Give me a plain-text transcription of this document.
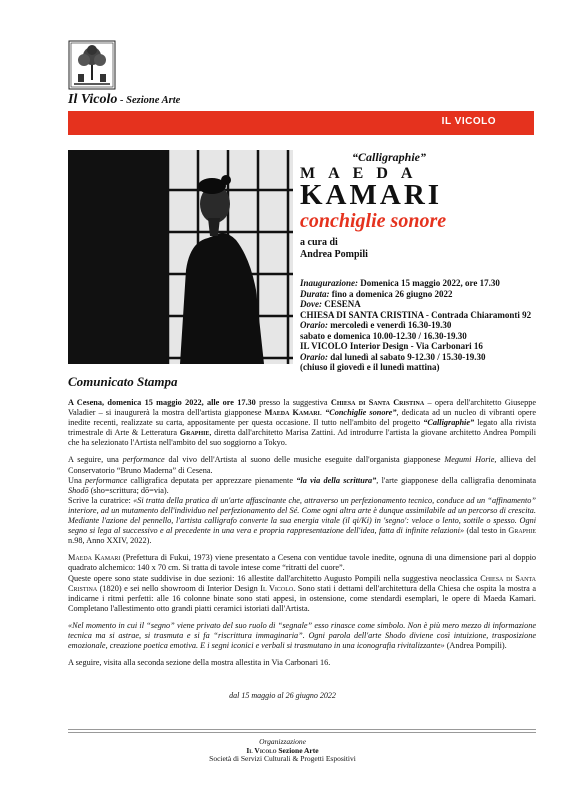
Il Vicolo - Sezione Arte
IL VICOLO
“Calligraphie”
MAEDA
KAMARI
conchiglie sonore
a cura di
Andrea Pompili
Inaugurazione: Domenica 15 maggio 2022, ore 17.30
Durata: fino a domenica 26 giugno 2022
Dove: CESENA
CHIESA DI SANTA CRISTINA - Contrada Chiaramonti 92
Orario: mercoledì e venerdì 16.30-19.30
sabato e domenica 10.00-12.30 / 16.30-19.30
IL VICOLO Interior Design - Via Carbonari 16
Orario: dal lunedì al sabato 9-12.30 / 15.30-19.30
(chiuso il giovedì e il lunedì mattina)
Comunicato Stampa

A Cesena, domenica 15 maggio 2022, alle ore 17.30 presso la suggestiva Chiesa di Santa Cristina – opera dell'architetto Giuseppe Valadier – si inaugurerà la mostra dell'artista giapponese Maeda Kamari. “Conchiglie sonore”, dedicata ad un nucleo di vibranti opere inedite recenti, realizzate su carta, appositamente per questa occasione. Il tutto nell'ambito del progetto “Calligraphie” legato alla rivista trimestrale di Arte & Letteratura Graphie, diretta dall'architetto Marisa Zattini. Ad introdurre l'artista la giovane architetto Andrea Pompili che ha selezionato l'Artista nell'ambito del suo soggiorno a Tokyo.

A seguire, una performance dal vivo dell'Artista al suono delle musiche eseguite dall'organista giapponese Megumi Horie, allieva del Conservatorio “Bruno Maderna” di Cesena.
Una performance calligrafica deputata per apprezzare pienamente “la via della scrittura”, l'arte giapponese della calligrafia denominata Shodō (sho=scrittura; dō=via).
Scrive la curatrice: «Si tratta della pratica di un'arte affascinante che, attraverso un perfezionamento tecnico, conduce ad un “affinamento” interiore, ad un mutamento dell'individuo nel perfezionamento del Sé. Come ogni altra arte è dunque assimilabile ad un percorso di crescita. Mediante l'azione del pennello, l'artista calligrafo converte la sua energia vitale (il qi/Ki) in 'segno': veloce o lento, sottile o spesso. Ogni segno si lega al successivo e al precedente in una vera e propria rappresentazione dell'idea, fatta di infinite relazioni» (dal testo in Graphie n.98, Anno XXIV, 2022).

Maeda Kamari (Prefettura di Fukui, 1973) viene presentato a Cesena con ventidue tavole inedite, ognuna di una dimensione pari al doppio quadrato alchemico: 140 x 70 cm. Si tratta di tavole intese come “ritratti del cuore”.
Queste opere sono state suddivise in due sezioni: 16 allestite dall'architetto Augusto Pompili nella suggestiva neoclassica Chiesa di Santa Cristina (1820) e sei nello showroom di Interior Design Il Vicolo. Sono stati i dettami dell'architettura della Chiesa che ospita la mostra a indicarne i ritmi perfetti: alle 16 colonne binate sono stati appesi, in ostensione, come stendardi esemplari, le opere di Maeda Kamari. Completano l'allestimento otto grandi piatti ceramici istoriati dall'Artista.

«Nel momento in cui il “segno” viene privato del suo ruolo di “segnale” esso rinasce come simbolo. Non è più mero mezzo di informazione tecnica ma si astrae, si trasmuta e si fa “riscrittura immaginaria”. Ogni parola dell'arte Shodo diviene così intuizione, trasposizione emozionale, creazione poetica emotiva. E i segni iconici e verbali si trasmutano in una iconografia rivitalizzante» (Andrea Pompili).

A seguire, visita alla seconda sezione della mostra allestita in Via Carbonari 16.

dal 15 maggio al 26 giugno 2022
Organizzazione
Il Vicolo Sezione Arte
Società di Servizi Culturali & Progetti Espositivi
